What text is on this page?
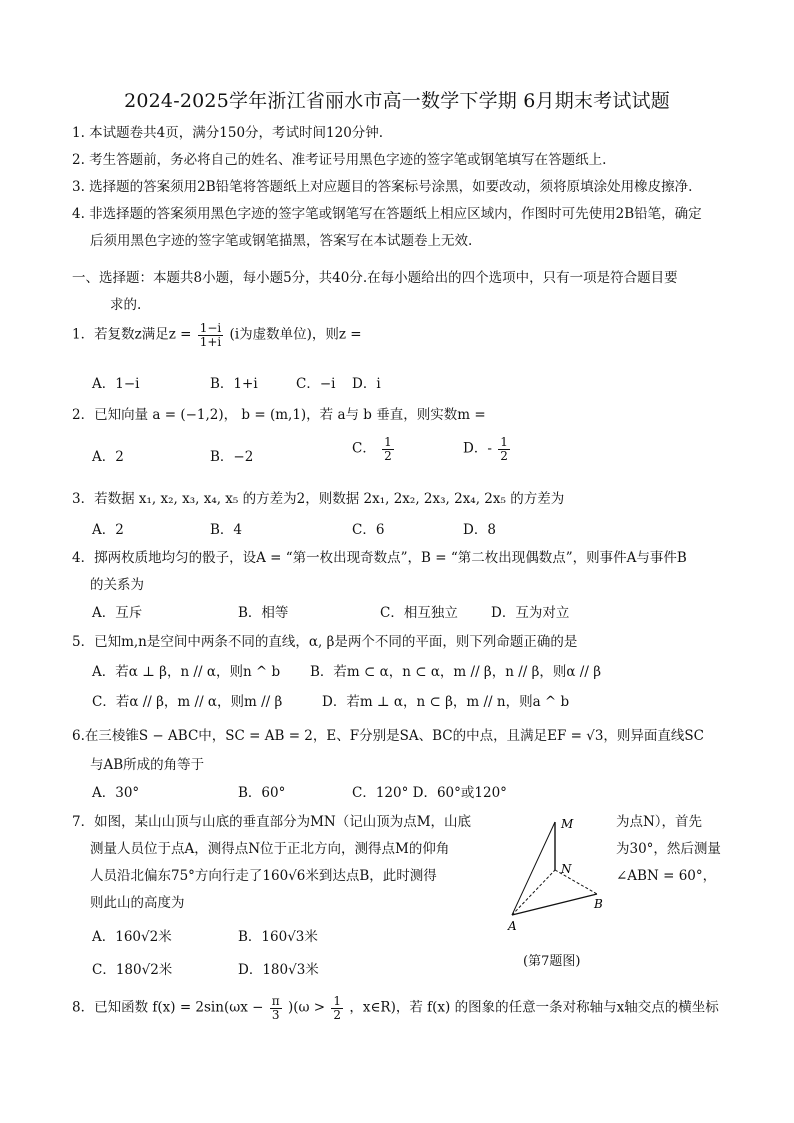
2024-2025学年浙江省丽水市高一数学下学期 6月期末考试试题
1. 本试题卷共4页，满分150分，考试时间120分钟.
2. 考生答题前，务必将自己的姓名、准考证号用黑色字迹的签字笔或钢笔填写在答题纸上.
3. 选择题的答案须用2B铅笔将答题纸上对应题目的答案标号涂黑，如要改动，须将原填涂处用橡皮擦净.
4. 非选择题的答案须用黑色字迹的签字笔或钢笔写在答题纸上相应区域内，作图时可先使用2B铅笔，确定
后须用黑色字迹的签字笔或钢笔描黑，答案写在本试题卷上无效.
一、选择题：本题共8小题，每小题5分，共40分.在每小题给出的四个选项中，只有一项是符合题目要
求的.
1．若复数z满足$z = \frac{1-i}{1+i} (i$为虚数单位)，则z =
A．1−i	B．1+i	C．−i D．i
2．已知向量 a = (−1,2)， b = (m,1)，若 a与 b 垂直，则实数m =
A．2	B．−2
C． $\frac{1}{2}$	D．- $\frac{1}{2}$
3．若数据 x₁, x₂, x₃, x₄, x₅ 的方差为2，则数据 2x₁, 2x₂, 2x₃, 2x₄, 2x₅ 的方差为
A．2	B．4	C．6	D．8
4．掷两枚质地均匀的骰子，设A = “第一枚出现奇数点”，B = “第二枚出现偶数点”，则事件A与事件B
的关系为
A．互斥	B．相等	C．相互独立 D．互为对立
5．已知m,n是空间中两条不同的直线，α, β是两个不同的平面，则下列命题正确的是
A．若α ⊥ β，n // α，则n ^ b B．若m ⊂ α，n ⊂ α，m // β，n // β，则α // β
C．若α // β，m // α，则m // β	D．若m ⊥ α，n ⊂ β，m // n，则a ^ b
6.在三棱锥S − ABC中，SC = AB = 2，E、F分别是SA、BC的中点，且满足EF = √3，则异面直线SC
与AB所成的角等于
A．30°	B．60°	C．120° D．60°或120°
7．如图，某山山顶与山底的垂直部分为MN（记山顶为点M，山底	为点N），首先
测量人员位于点A，测得点N位于正北方向，测得点M的仰角	为30°，然后测量
人员沿北偏东75°方向行走了160√6米到达点B，此时测得	∠ABN = 60°，
则此山的高度为
A．160√2米	B．160√3米
C．180√2米	D．180√3米
M
N
A
B
(第7题图)
8．已知函数 $f(x) = 2\sin(\omega x - \frac{\pi}{3} )(\omega > \frac{1}{2}$ ，x∈R)，若 f(x) 的图象的任意一条对称轴与x轴交点的横坐标
